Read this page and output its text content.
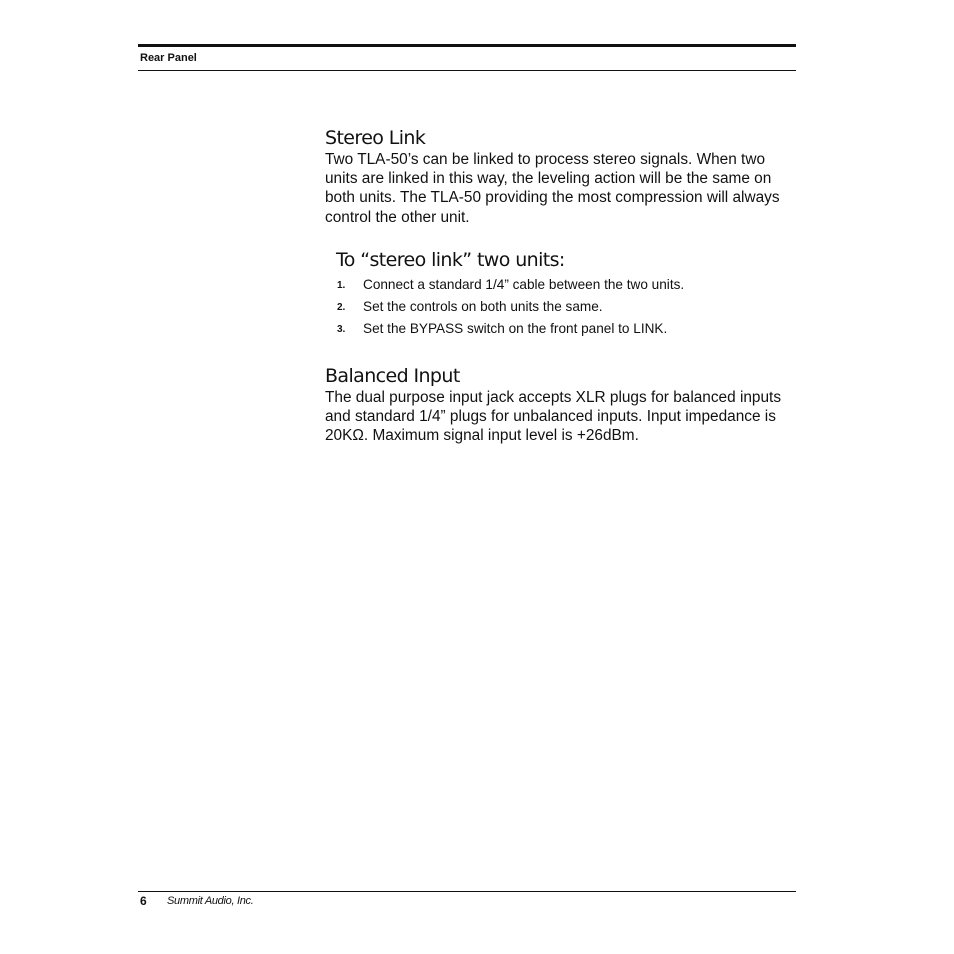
Rear Panel
Stereo Link

Two TLA-50’s can be linked to process stereo signals. When two units are linked in this way, the leveling action will be the same on both units. The TLA-50 providing the most compression will always control the other unit.

To “stereo link” two units:
1. Connect a standard 1/4” cable between the two units.
2. Set the controls on both units the same.
3. Set the BYPASS switch on the front panel to LINK.
Balanced Input

The dual purpose input jack accepts XLR plugs for balanced inputs and standard 1/4” plugs for unbalanced inputs. Input impedance is 20KΩ. Maximum signal input level is +26dBm.

6 Summit Audio, Inc.
